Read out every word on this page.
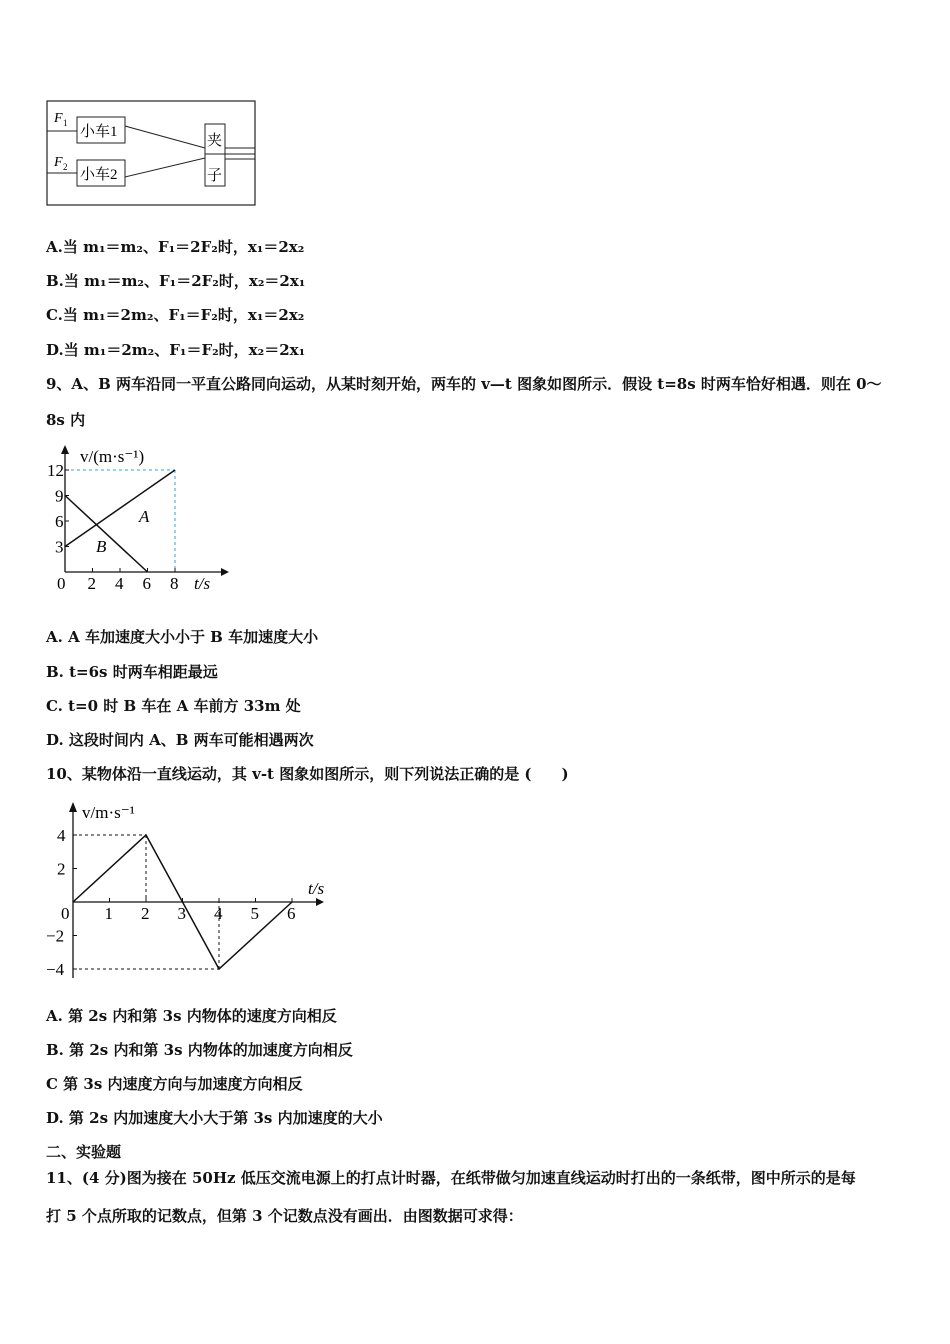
F 1
小车1
F 2 小车2
夹
子
A.当 m₁＝m₂、F₁＝2F₂时，x₁＝2x₂
B.当 m₁＝m₂、F₁＝2F₂时，x₂＝2x₁
C.当 m₁＝2m₂、F₁＝F₂时，x₁＝2x₂
D.当 m₁＝2m₂、F₁＝F₂时，x₂＝2x₁
9、A、B 两车沿同一平直公路同向运动，从某时刻开始，两车的 v—t 图象如图所示．假设 t=8s 时两车恰好相遇．则在 0～
8s 内
A
B
0 2 4 6 8
3
6
9
12
v/(m·s⁻¹)
t/s
A. A 车加速度大小小于 B 车加速度大小
B. t=6s 时两车相距最远
C. t=0 时 B 车在 A 车前方 33m 处
D. 这段时间内 A、B 两车可能相遇两次
10、某物体沿一直线运动，其 v-t 图象如图所示，则下列说法正确的是 (　　)
0 1 2 3 4 5 6
4
2
−2
−4
v/m·s⁻¹
t/s
A. 第 2s 内和第 3s 内物体的速度方向相反
B. 第 2s 内和第 3s 内物体的加速度方向相反
C 第 3s 内速度方向与加速度方向相反
D. 第 2s 内加速度大小大于第 3s 内加速度的大小
二、实验题
11、(4 分)图为接在 50Hz 低压交流电源上的打点计时器，在纸带做匀加速直线运动时打出的一条纸带，图中所示的是每
打 5 个点所取的记数点，但第 3 个记数点没有画出．由图数据可求得：
